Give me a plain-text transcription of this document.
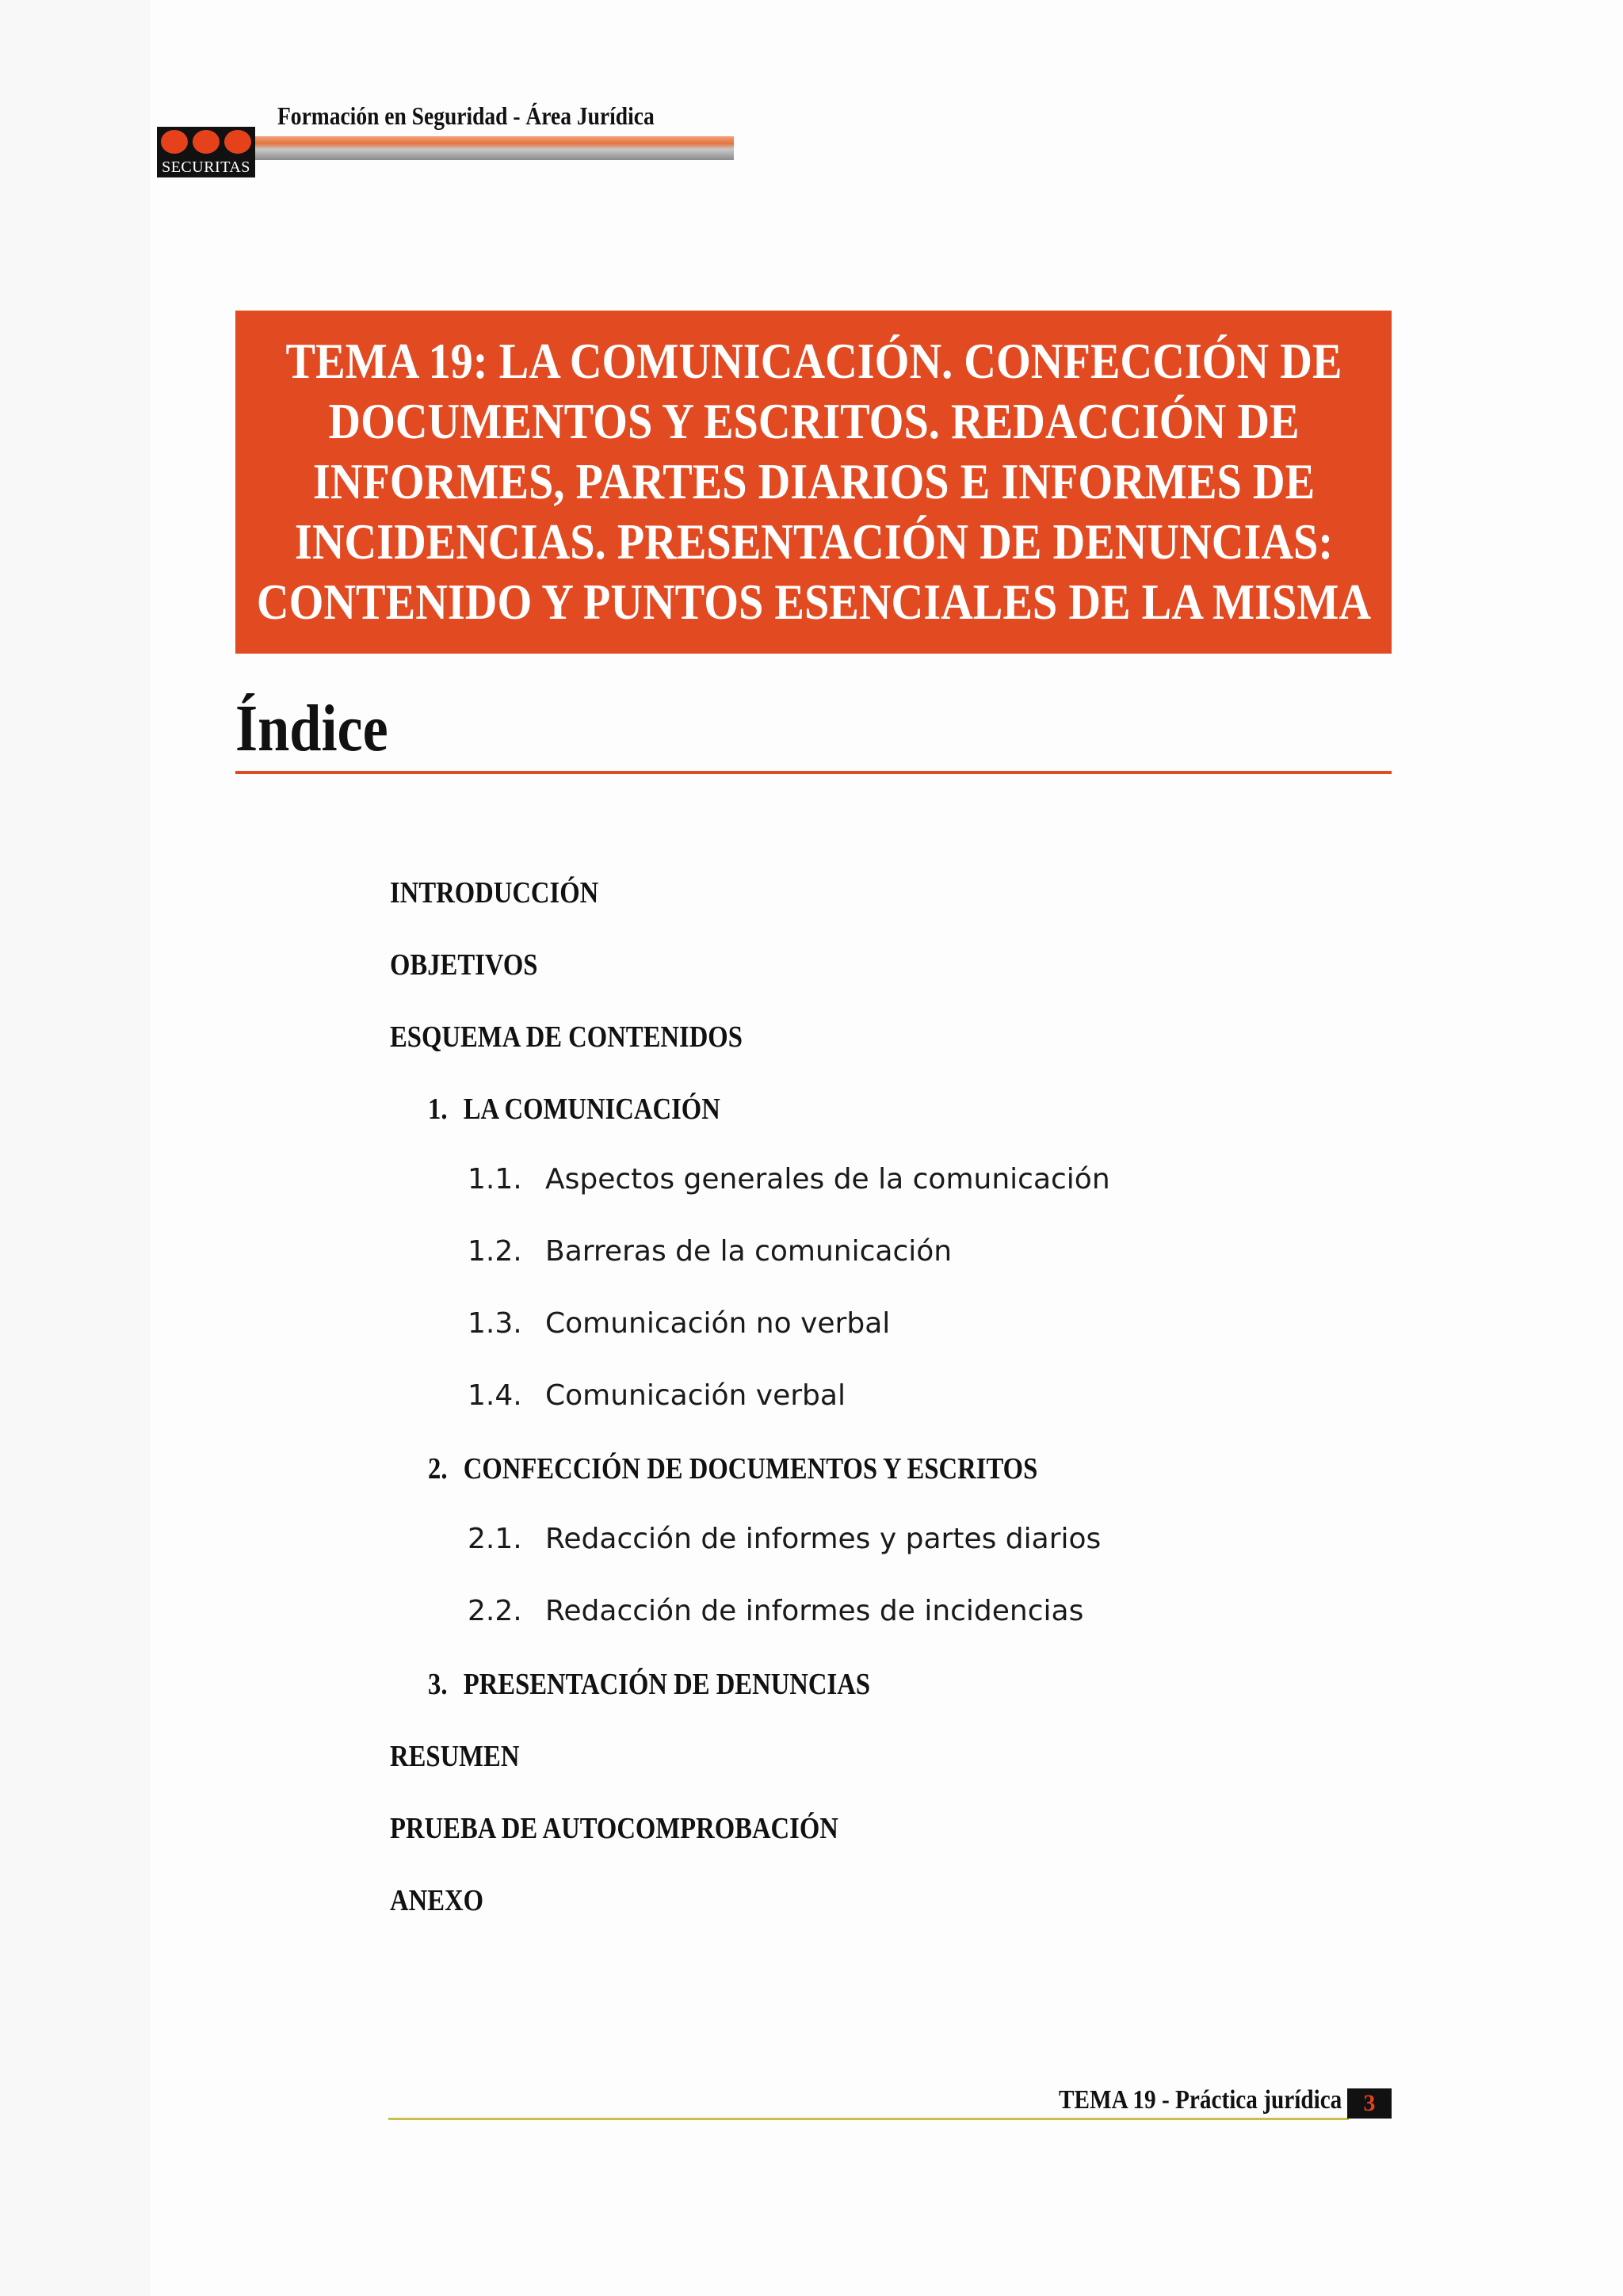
SECURITAS
Formación en Seguridad - Área Jurídica
TEMA 19: LA COMUNICACIÓN. CONFECCIÓN DE DOCUMENTOS Y ESCRITOS. REDACCIÓN DE INFORMES, PARTES DIARIOS E INFORMES DE INCIDENCIAS. PRESENTACIÓN DE DENUNCIAS: CONTENIDO Y PUNTOS ESENCIALES DE LA MISMA
Índice
INTRODUCCIÓN
OBJETIVOS
ESQUEMA DE CONTENIDOS
1. LA COMUNICACIÓN
1.1. Aspectos generales de la comunicación
1.2. Barreras de la comunicación
1.3. Comunicación no verbal
1.4. Comunicación verbal
2. CONFECCIÓN DE DOCUMENTOS Y ESCRITOS
2.1. Redacción de informes y partes diarios
2.2. Redacción de informes de incidencias
3. PRESENTACIÓN DE DENUNCIAS
RESUMEN
PRUEBA DE AUTOCOMPROBACIÓN
ANEXO
TEMA 19 - Práctica jurídica 3
